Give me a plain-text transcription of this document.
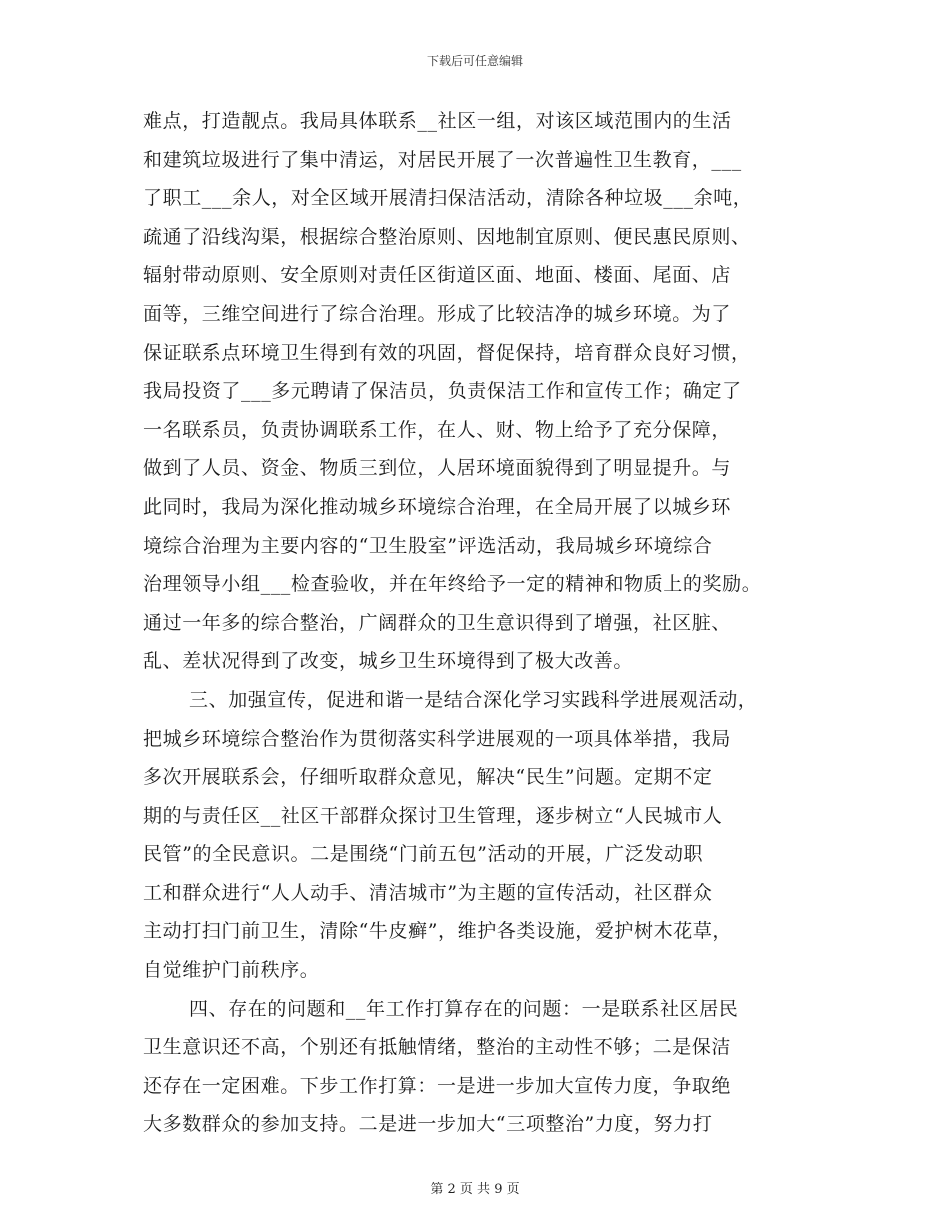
下载后可任意编辑
难点，打造靓点。我局具体联系__社区一组，对该区域范围内的生活
和建筑垃圾进行了集中清运，对居民开展了一次普遍性卫生教育，___
了职工___余人，对全区域开展清扫保洁活动，清除各种垃圾___余吨，
疏通了沿线沟渠，根据综合整治原则、因地制宜原则、便民惠民原则、
辐射带动原则、安全原则对责任区街道区面、地面、楼面、尾面、店
面等，三维空间进行了综合治理。形成了比较洁净的城乡环境。为了
保证联系点环境卫生得到有效的巩固，督促保持，培育群众良好习惯，
我局投资了___多元聘请了保洁员，负责保洁工作和宣传工作；确定了
一名联系员，负责协调联系工作，在人、财、物上给予了充分保障，
做到了人员、资金、物质三到位，人居环境面貌得到了明显提升。与
此同时，我局为深化推动城乡环境综合治理，在全局开展了以城乡环
境综合治理为主要内容的“卫生股室”评选活动，我局城乡环境综合
治理领导小组___检查验收，并在年终给予一定的精神和物质上的奖励。
通过一年多的综合整治，广阔群众的卫生意识得到了增强，社区脏、
乱、差状况得到了改变，城乡卫生环境得到了极大改善。
三、加强宣传，促进和谐一是结合深化学习实践科学进展观活动，
把城乡环境综合整治作为贯彻落实科学进展观的一项具体举措，我局
多次开展联系会，仔细听取群众意见，解决“民生”问题。定期不定
期的与责任区__社区干部群众探讨卫生管理，逐步树立“人民城市人
民管”的全民意识。二是围绕“门前五包”活动的开展，广泛发动职
工和群众进行“人人动手、清洁城市”为主题的宣传活动，社区群众
主动打扫门前卫生，清除“牛皮癣”，维护各类设施，爱护树木花草，
自觉维护门前秩序。
四、存在的问题和__年工作打算存在的问题：一是联系社区居民
卫生意识还不高，个别还有抵触情绪，整治的主动性不够；二是保洁
还存在一定困难。下步工作打算：一是进一步加大宣传力度，争取绝
大多数群众的参加支持。二是进一步加大“三项整治”力度，努力打
第 2 页 共 9 页
